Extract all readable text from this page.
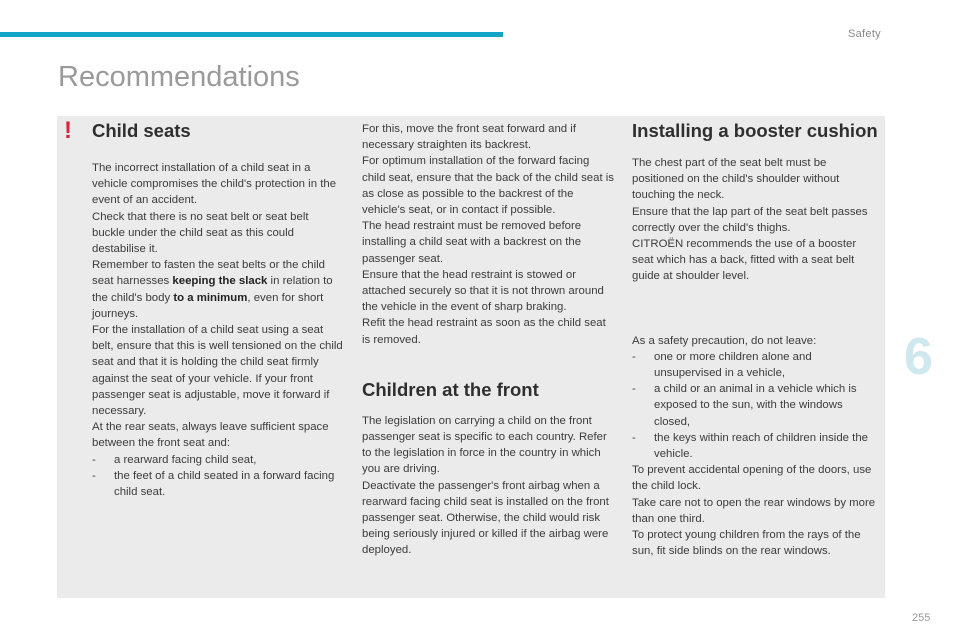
Safety
Recommendations
! Child seats

The incorrect installation of a child seat in a vehicle compromises the child's protection in the event of an accident.

Check that there is no seat belt or seat belt buckle under the child seat as this could destabilise it.

Remember to fasten the seat belts or the child seat harnesses keeping the slack in relation to the child's body to a minimum, even for short journeys.

For the installation of a child seat using a seat belt, ensure that this is well tensioned on the child seat and that it is holding the child seat firmly against the seat of your vehicle. If your front passenger seat is adjustable, move it forward if necessary.

At the rear seats, always leave sufficient space between the front seat and:

-	a rearward facing child seat,
-	the feet of a child seated in a forward facing child seat.

For this, move the front seat forward and if necessary straighten its backrest.

For optimum installation of the forward facing child seat, ensure that the back of the child seat is as close as possible to the backrest of the vehicle's seat, or in contact if possible.

The head restraint must be removed before installing a child seat with a backrest on the passenger seat.

Ensure that the head restraint is stowed or attached securely so that it is not thrown around the vehicle in the event of sharp braking.

Refit the head restraint as soon as the child seat is removed.

Children at the front

The legislation on carrying a child on the front passenger seat is specific to each country. Refer to the legislation in force in the country in which you are driving.

Deactivate the passenger's front airbag when a rearward facing child seat is installed on the front passenger seat. Otherwise, the child would risk being seriously injured or killed if the airbag were deployed.

Installing a booster cushion

The chest part of the seat belt must be positioned on the child's shoulder without touching the neck.

Ensure that the lap part of the seat belt passes correctly over the child's thighs.

CITROËN recommends the use of a booster seat which has a back, fitted with a seat belt guide at shoulder level.

As a safety precaution, do not leave:

-	one or more children alone and unsupervised in a vehicle,
-	a child or an animal in a vehicle which is exposed to the sun, with the windows closed,
-	the keys within reach of children inside the vehicle.

To prevent accidental opening of the doors, use the child lock.

Take care not to open the rear windows by more than one third.

To protect young children from the rays of the sun, fit side blinds on the rear windows.

6
255
